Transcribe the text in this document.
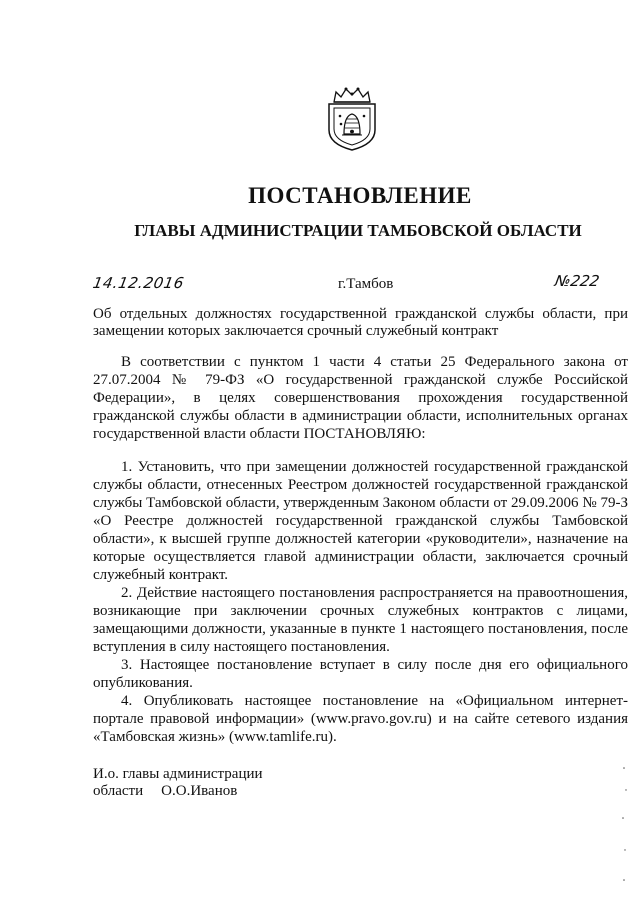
ПОСТАНОВЛЕНИЕ
ГЛАВЫ АДМИНИСТРАЦИИ ТАМБОВСКОЙ ОБЛАСТИ
14.12.2016	г.Тамбов	№222
Об отдельных должностях государственной гражданской службы области, при замещении которых заключается срочный служебный контракт

В соответствии с пунктом 1 части 4 статьи 25 Федерального закона от 27.07.2004 № 79-ФЗ «О государственной гражданской службе Российской Федерации», в целях совершенствования прохождения государственной гражданской службы области в администрации области, исполнительных органах государственной власти области ПОСТАНОВЛЯЮ:

1. Установить, что при замещении должностей государственной гражданской службы области, отнесенных Реестром должностей государственной гражданской службы Тамбовской области, утвержденным Законом области от 29.09.2006 № 79-З «О Реестре должностей государственной гражданской службы Тамбовской области», к высшей группе должностей категории «руководители», назначение на которые осуществляется главой администрации области, заключается срочный служебный контракт.

2. Действие настоящего постановления распространяется на правоотношения, возникающие при заключении срочных служебных контрактов с лицами, замещающими должности, указанные в пункте 1 настоящего постановления, после вступления в силу настоящего постановления.

3. Настоящее постановление вступает в силу после дня его официального опубликования.

4. Опубликовать настоящее постановление на «Официальном интернет-портале правовой информации» (www.pravo.gov.ru) и на сайте сетевого издания «Тамбовская жизнь» (www.tamlife.ru).

И.о. главы администрации
области О.О.Иванов
